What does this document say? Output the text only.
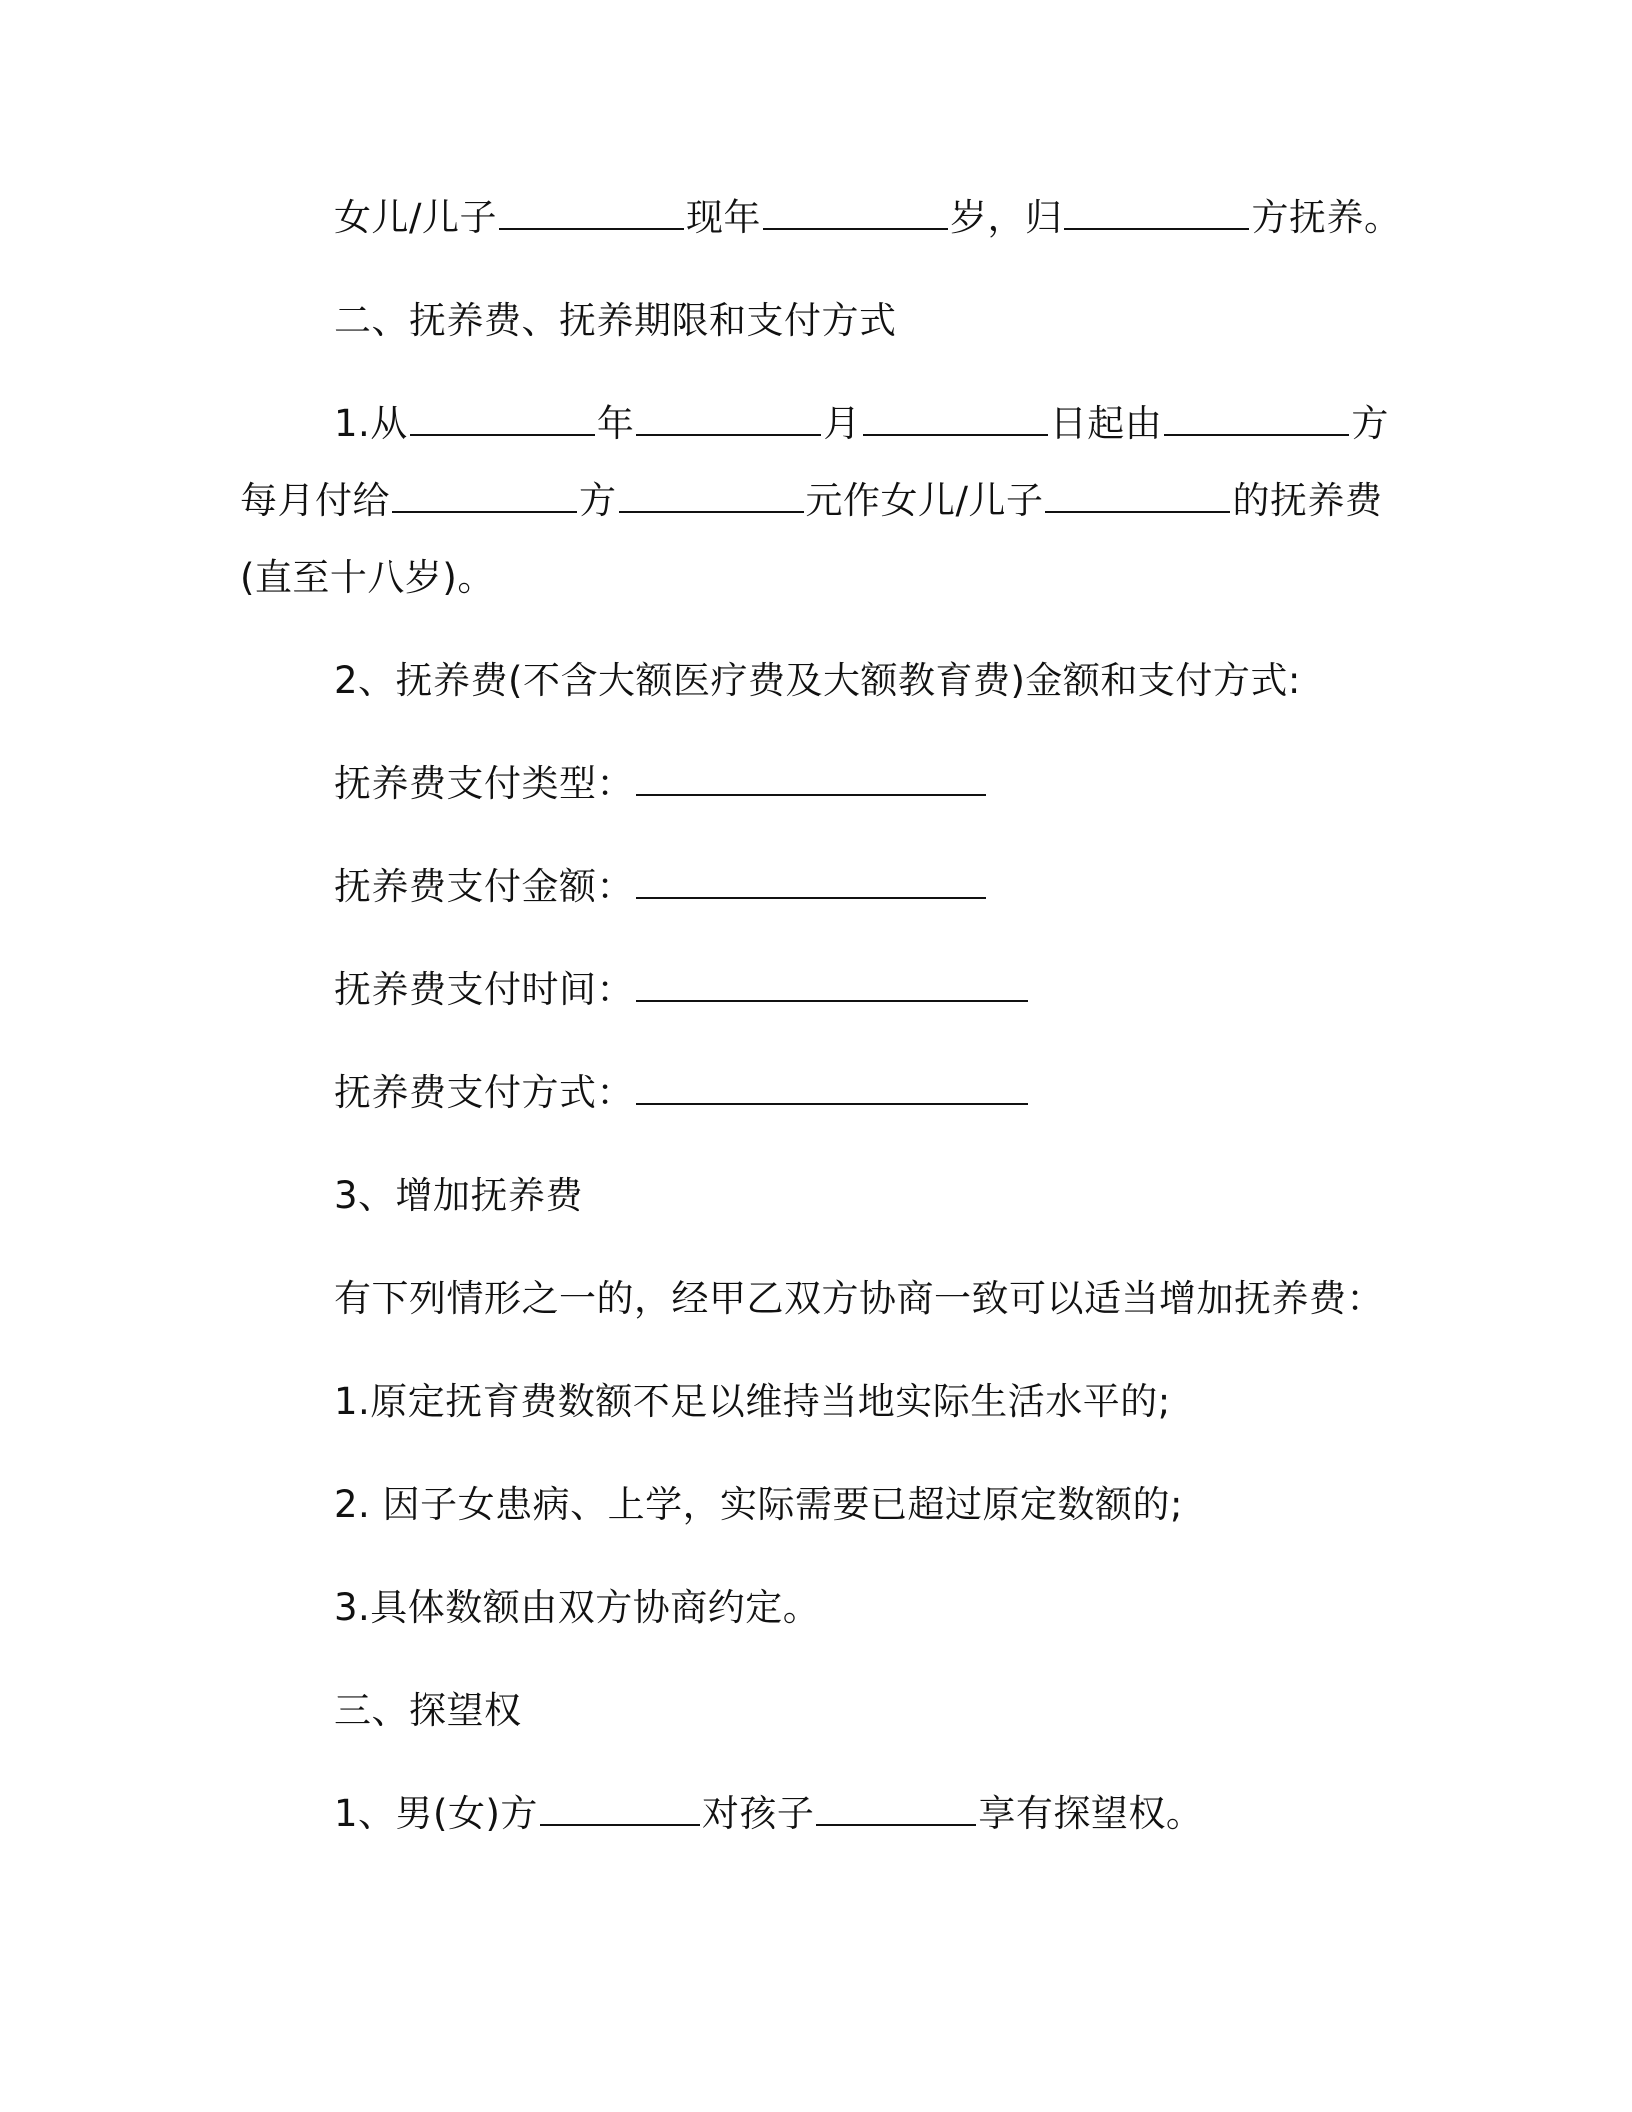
女儿/儿子	现年	岁，归	方抚养。
二、抚养费、抚养期限和支付方式
1.从	年	月	日起由	方
每月付给	方	元作女儿/儿子	的抚养费
(直至十八岁)。
2、抚养费(不含大额医疗费及大额教育费)金额和支付方式:
抚养费支付类型：
抚养费支付金额：
抚养费支付时间：
抚养费支付方式：
3、增加抚养费
有下列情形之一的，经甲乙双方协商一致可以适当增加抚养费：
1.原定抚育费数额不足以维持当地实际生活水平的;
2. 因子女患病、上学，实际需要已超过原定数额的;
3.具体数额由双方协商约定。
三、探望权
1、男(女)方	对孩子	享有探望权。
